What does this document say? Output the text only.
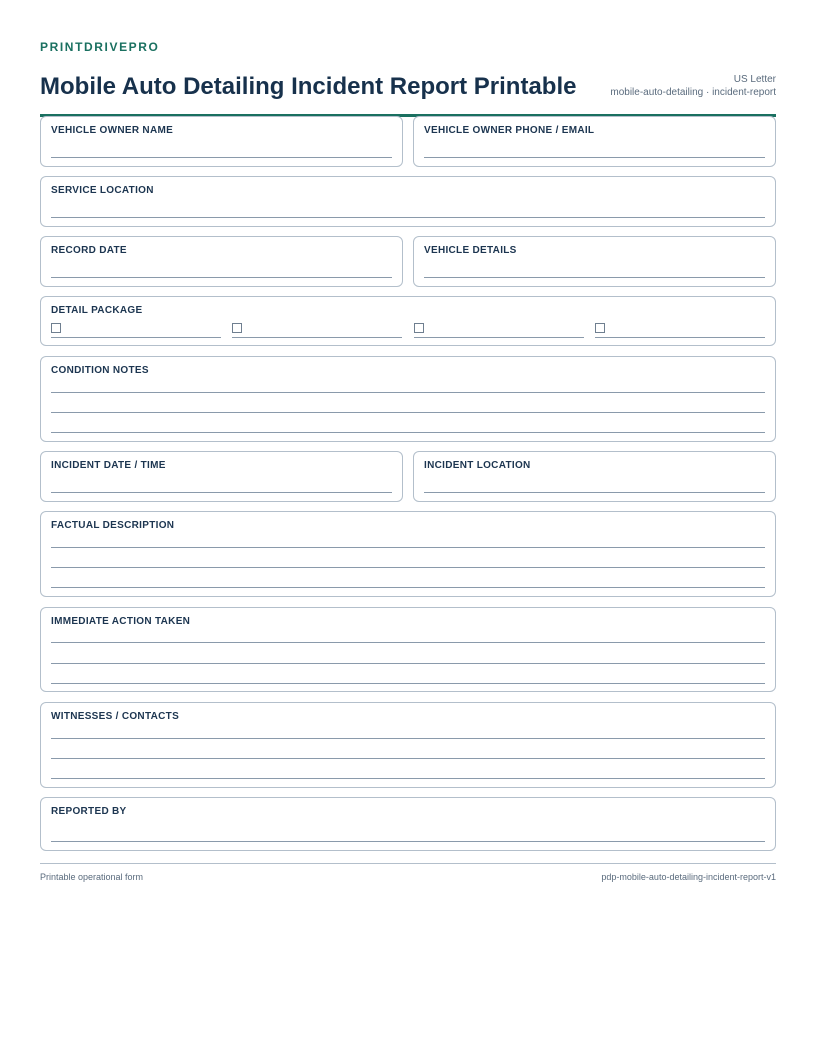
PRINTDRIVEPRO

Mobile Auto Detailing Incident Report Printable	US Letter
mobile-auto-detailing · incident-report
VEHICLE OWNER NAME	VEHICLE OWNER PHONE / EMAIL
SERVICE LOCATION
RECORD DATE	VEHICLE DETAILS
DETAIL PACKAGE
CONDITION NOTES
INCIDENT DATE / TIME	INCIDENT LOCATION
FACTUAL DESCRIPTION
IMMEDIATE ACTION TAKEN
WITNESSES / CONTACTS
REPORTED BY
Printable operational form	pdp-mobile-auto-detailing-incident-report-v1
